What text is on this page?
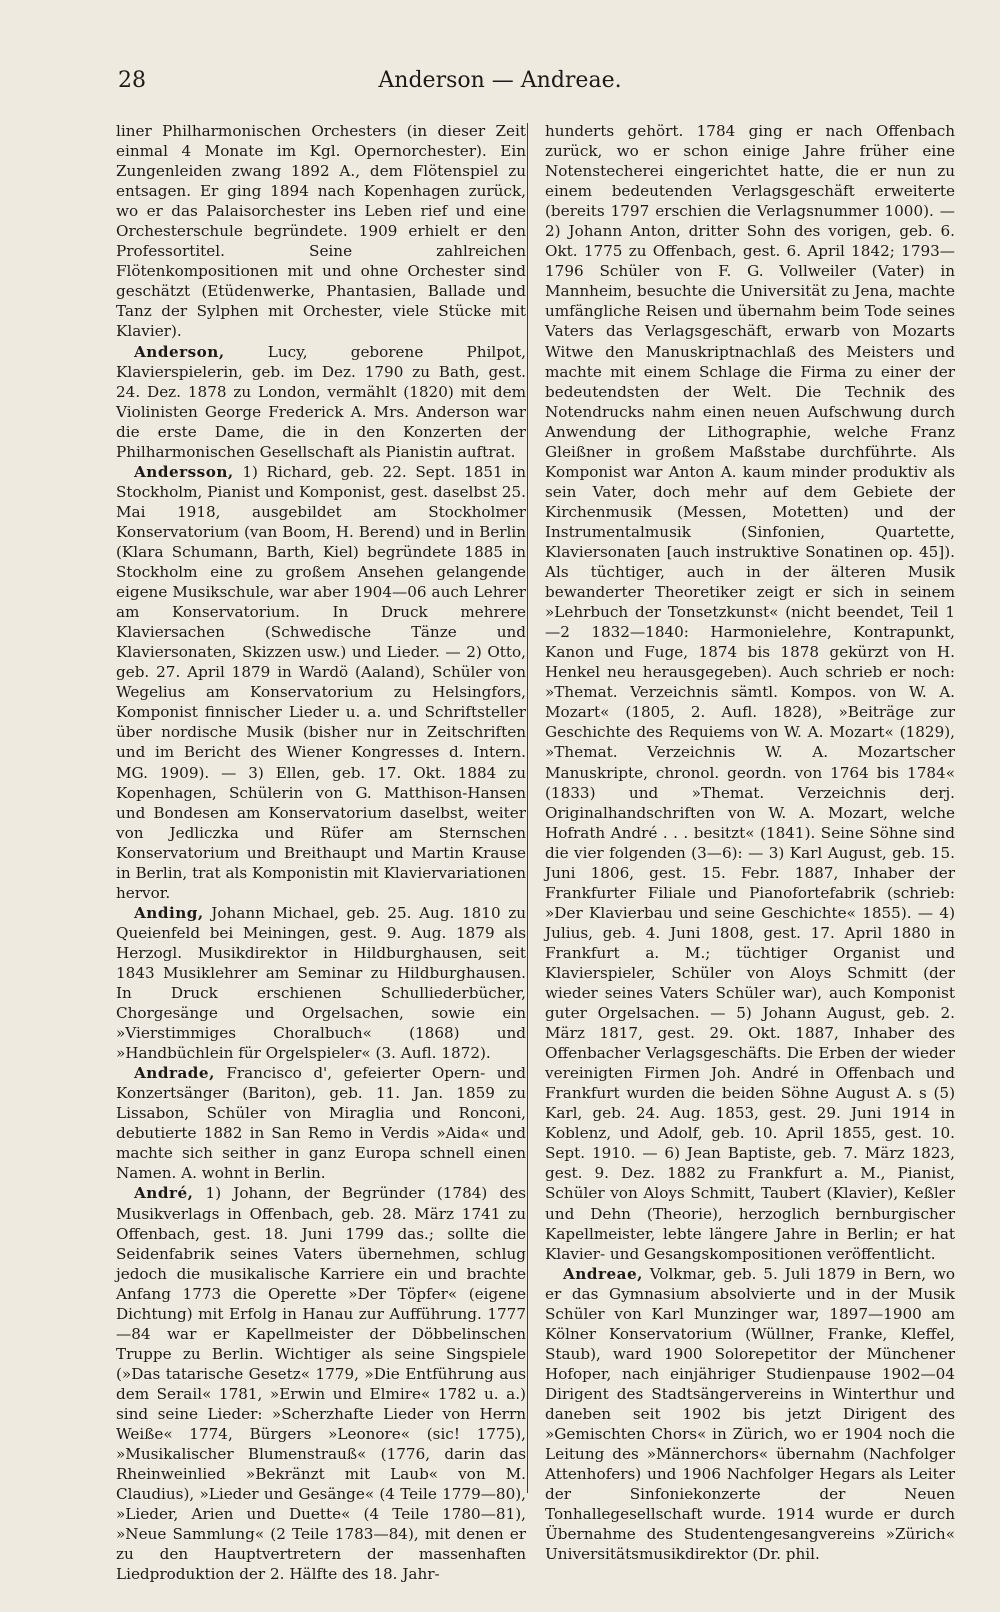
28	Anderson — Andreae.

liner Philharmonischen Orchesters (in dieser Zeit einmal 4 Monate im Kgl. Opernorchester). Ein Zungenleiden zwang 1892 A., dem Flötenspiel zu entsagen. Er ging 1894 nach Kopenhagen zurück, wo er das Palaisorchester ins Leben rief und eine Orchesterschule begründete. 1909 erhielt er den Professortitel. Seine zahlreichen Flötenkompositionen mit und ohne Orchester sind geschätzt (Etüdenwerke, Phantasien, Ballade und Tanz der Sylphen mit Orchester, viele Stücke mit Klavier).

Anderson, Lucy, geborene Philpot, Klavierspielerin, geb. im Dez. 1790 zu Bath, gest. 24. Dez. 1878 zu London, vermählt (1820) mit dem Violinisten George Frederick A. Mrs. Anderson war die erste Dame, die in den Konzerten der Philharmonischen Gesellschaft als Pianistin auftrat.

Andersson, 1) Richard, geb. 22. Sept. 1851 in Stockholm, Pianist und Komponist, gest. daselbst 25. Mai 1918, ausgebildet am Stockholmer Konservatorium (van Boom, H. Berend) und in Berlin (Klara Schumann, Barth, Kiel) begründete 1885 in Stockholm eine zu großem Ansehen gelangende eigene Musikschule, war aber 1904—06 auch Lehrer am Konservatorium. In Druck mehrere Klaviersachen (Schwedische Tänze und Klaviersonaten, Skizzen usw.) und Lieder. — 2) Otto, geb. 27. April 1879 in Wardö (Aaland), Schüler von Wegelius am Konservatorium zu Helsingfors, Komponist finnischer Lieder u. a. und Schriftsteller über nordische Musik (bisher nur in Zeitschriften und im Bericht des Wiener Kongresses d. Intern. MG. 1909). — 3) Ellen, geb. 17. Okt. 1884 zu Kopenhagen, Schülerin von G. Matthison-Hansen und Bondesen am Konservatorium daselbst, weiter von Jedliczka und Rüfer am Sternschen Konservatorium und Breithaupt und Martin Krause in Berlin, trat als Komponistin mit Klaviervariationen hervor.

Anding, Johann Michael, geb. 25. Aug. 1810 zu Queienfeld bei Meiningen, gest. 9. Aug. 1879 als Herzogl. Musikdirektor in Hildburghausen, seit 1843 Musiklehrer am Seminar zu Hildburghausen. In Druck erschienen Schulliederbücher, Chorgesänge und Orgelsachen, sowie ein »Vierstimmiges Choralbuch« (1868) und »Handbüchlein für Orgelspieler« (3. Aufl. 1872).

Andrade, Francisco d', gefeierter Opern- und Konzertsänger (Bariton), geb. 11. Jan. 1859 zu Lissabon, Schüler von Miraglia und Ronconi, debutierte 1882 in San Remo in Verdis »Aida« und machte sich seither in ganz Europa schnell einen Namen. A. wohnt in Berlin.

André, 1) Johann, der Begründer (1784) des Musikverlags in Offenbach, geb. 28. März 1741 zu Offenbach, gest. 18. Juni 1799 das.; sollte die Seidenfabrik seines Vaters übernehmen, schlug jedoch die musikalische Karriere ein und brachte Anfang 1773 die Operette »Der Töpfer« (eigene Dichtung) mit Erfolg in Hanau zur Aufführung. 1777—84 war er Kapellmeister der Döbbelinschen Truppe zu Berlin. Wichtiger als seine Singspiele (»Das tatarische Gesetz« 1779, »Die Entführung aus dem Serail« 1781, »Erwin und Elmire« 1782 u. a.) sind seine Lieder: »Scherzhafte Lieder von Herrn Weiße« 1774, Bürgers »Leonore« (sic! 1775), »Musikalischer Blumenstrauß« (1776, darin das Rheinweinlied »Bekränzt mit Laub« von M. Claudius), »Lieder und Gesänge« (4 Teile 1779—80), »Lieder, Arien und Duette« (4 Teile 1780—81), »Neue Sammlung« (2 Teile 1783—84), mit denen er zu den Hauptvertretern der massenhaften Liedproduktion der 2. Hälfte des 18. Jahr-

hunderts gehört. 1784 ging er nach Offenbach zurück, wo er schon einige Jahre früher eine Notenstecherei eingerichtet hatte, die er nun zu einem bedeutenden Verlagsgeschäft erweiterte (bereits 1797 erschien die Verlagsnummer 1000). — 2) Johann Anton, dritter Sohn des vorigen, geb. 6. Okt. 1775 zu Offenbach, gest. 6. April 1842; 1793—1796 Schüler von F. G. Vollweiler (Vater) in Mannheim, besuchte die Universität zu Jena, machte umfängliche Reisen und übernahm beim Tode seines Vaters das Verlagsgeschäft, erwarb von Mozarts Witwe den Manuskriptnachlaß des Meisters und machte mit einem Schlage die Firma zu einer der bedeutendsten der Welt. Die Technik des Notendrucks nahm einen neuen Aufschwung durch Anwendung der Lithographie, welche Franz Gleißner in großem Maßstabe durchführte. Als Komponist war Anton A. kaum minder produktiv als sein Vater, doch mehr auf dem Gebiete der Kirchenmusik (Messen, Motetten) und der Instrumentalmusik (Sinfonien, Quartette, Klaviersonaten [auch instruktive Sonatinen op. 45]). Als tüchtiger, auch in der älteren Musik bewanderter Theoretiker zeigt er sich in seinem »Lehrbuch der Tonsetzkunst« (nicht beendet, Teil 1—2 1832—1840: Harmonielehre, Kontrapunkt, Kanon und Fuge, 1874 bis 1878 gekürzt von H. Henkel neu herausgegeben). Auch schrieb er noch: »Themat. Verzeichnis sämtl. Kompos. von W. A. Mozart« (1805, 2. Aufl. 1828), »Beiträge zur Geschichte des Requiems von W. A. Mozart« (1829), »Themat. Verzeichnis W. A. Mozartscher Manuskripte, chronol. geordn. von 1764 bis 1784« (1833) und »Themat. Verzeichnis derj. Originalhandschriften von W. A. Mozart, welche Hofrath André . . . besitzt« (1841). Seine Söhne sind die vier folgenden (3—6): — 3) Karl August, geb. 15. Juni 1806, gest. 15. Febr. 1887, Inhaber der Frankfurter Filiale und Pianofortefabrik (schrieb: »Der Klavierbau und seine Geschichte« 1855). — 4) Julius, geb. 4. Juni 1808, gest. 17. April 1880 in Frankfurt a. M.; tüchtiger Organist und Klavierspieler, Schüler von Aloys Schmitt (der wieder seines Vaters Schüler war), auch Komponist guter Orgelsachen. — 5) Johann August, geb. 2. März 1817, gest. 29. Okt. 1887, Inhaber des Offenbacher Verlagsgeschäfts. Die Erben der wieder vereinigten Firmen Joh. André in Offenbach und Frankfurt wurden die beiden Söhne August A. s (5) Karl, geb. 24. Aug. 1853, gest. 29. Juni 1914 in Koblenz, und Adolf, geb. 10. April 1855, gest. 10. Sept. 1910. — 6) Jean Baptiste, geb. 7. März 1823, gest. 9. Dez. 1882 zu Frankfurt a. M., Pianist, Schüler von Aloys Schmitt, Taubert (Klavier), Keßler und Dehn (Theorie), herzoglich bernburgischer Kapellmeister, lebte längere Jahre in Berlin; er hat Klavier- und Gesangskompositionen veröffentlicht.

Andreae, Volkmar, geb. 5. Juli 1879 in Bern, wo er das Gymnasium absolvierte und in der Musik Schüler von Karl Munzinger war, 1897—1900 am Kölner Konservatorium (Wüllner, Franke, Kleffel, Staub), ward 1900 Solorepetitor der Münchener Hofoper, nach einjähriger Studienpause 1902—04 Dirigent des Stadtsängervereins in Winterthur und daneben seit 1902 bis jetzt Dirigent des »Gemischten Chors« in Zürich, wo er 1904 noch die Leitung des »Männerchors« übernahm (Nachfolger Attenhofers) und 1906 Nachfolger Hegars als Leiter der Sinfoniekonzerte der Neuen Tonhallegesellschaft wurde. 1914 wurde er durch Übernahme des Studentengesangvereins »Zürich« Universitätsmusikdirektor (Dr. phil.
